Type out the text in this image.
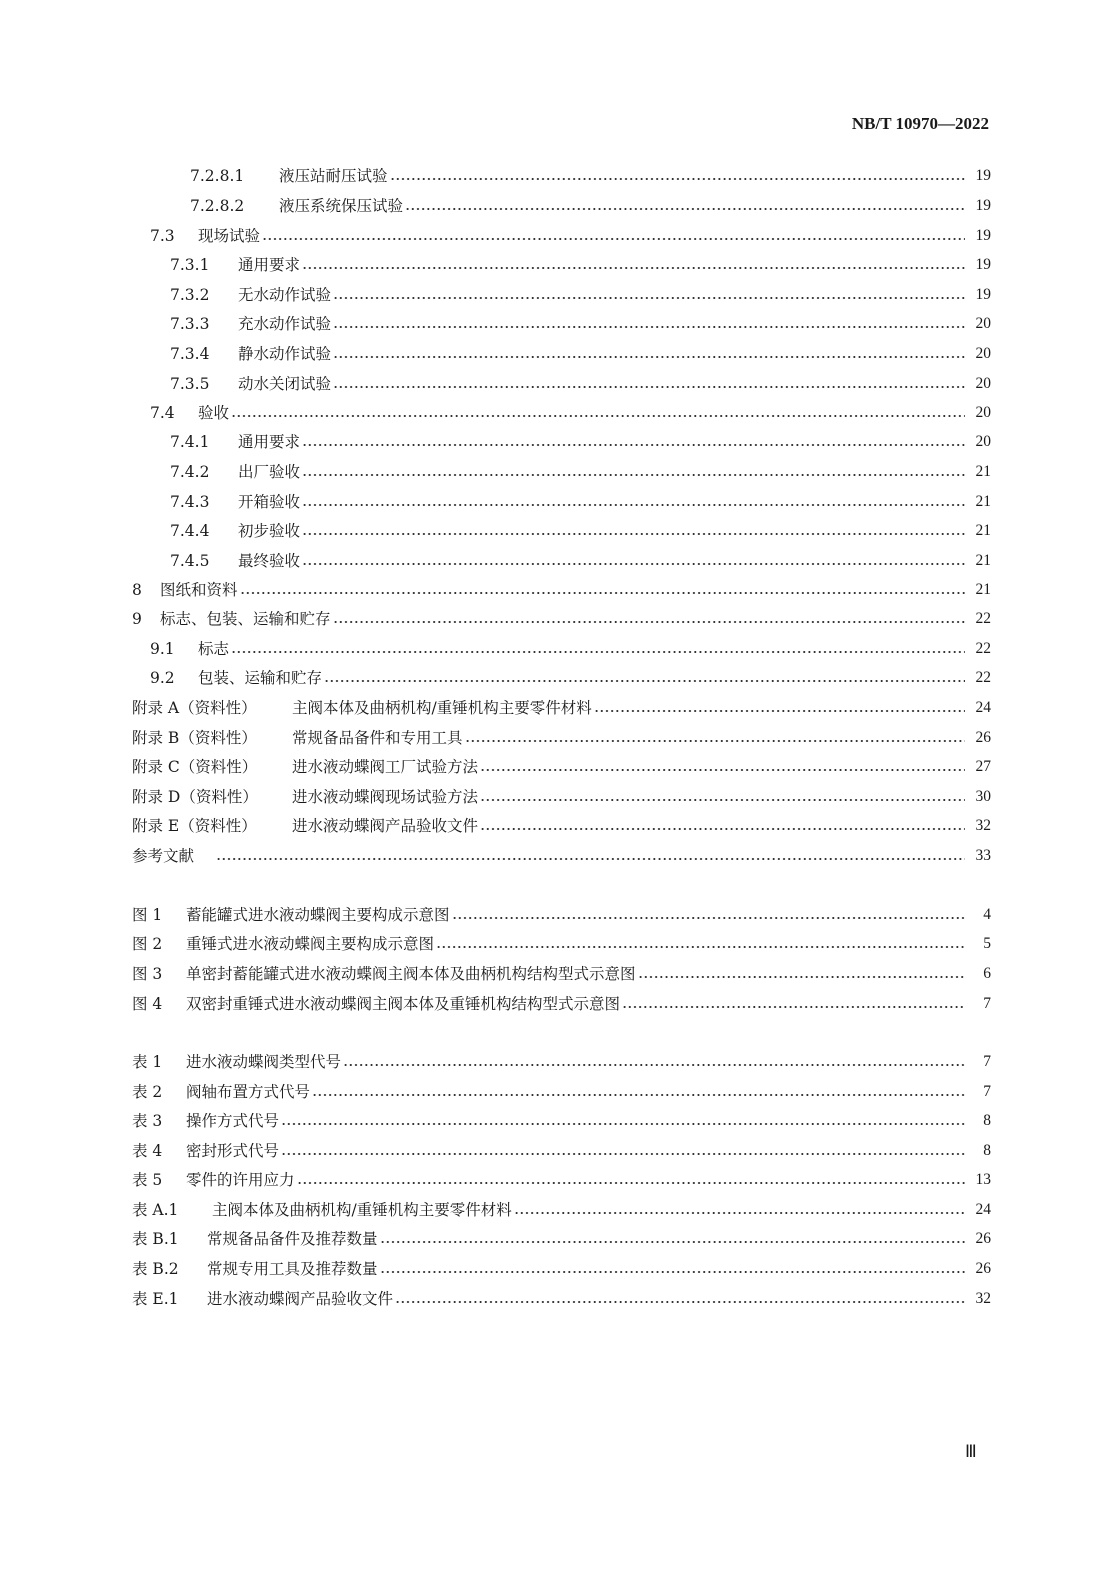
NB/T 10970—2022
7.2.8.1	液压站耐压试验	19
7.2.8.2	液压系统保压试验	19
7.3	现场试验	19
7.3.1	通用要求	19
7.3.2	无水动作试验	19
7.3.3	充水动作试验	20
7.3.4	静水动作试验	20
7.3.5	动水关闭试验	20
7.4	验收	20
7.4.1	通用要求	20
7.4.2	出厂验收	21
7.4.3	开箱验收	21
7.4.4	初步验收	21
7.4.5	最终验收	21
8	图纸和资料	21
9	标志、包装、运输和贮存	22
9.1	标志	22
9.2	包装、运输和贮存	22
附录 A（资料性）	主阀本体及曲柄机构/重锤机构主要零件材料	24
附录 B（资料性）	常规备品备件和专用工具	26
附录 C（资料性）	进水液动蝶阀工厂试验方法	27
附录 D（资料性）	进水液动蝶阀现场试验方法	30
附录 E（资料性）	进水液动蝶阀产品验收文件	32
参考文献	33
图 1	蓄能罐式进水液动蝶阀主要构成示意图	4
图 2	重锤式进水液动蝶阀主要构成示意图	5
图 3	单密封蓄能罐式进水液动蝶阀主阀本体及曲柄机构结构型式示意图	6
图 4	双密封重锤式进水液动蝶阀主阀本体及重锤机构结构型式示意图	7
表 1	进水液动蝶阀类型代号	7
表 2	阀轴布置方式代号	7
表 3	操作方式代号	8
表 4	密封形式代号	8
表 5	零件的许用应力	13
表 A.1	主阀本体及曲柄机构/重锤机构主要零件材料	24
表 B.1	常规备品备件及推荐数量	26
表 B.2	常规专用工具及推荐数量	26
表 E.1	进水液动蝶阀产品验收文件	32
Ⅲ
